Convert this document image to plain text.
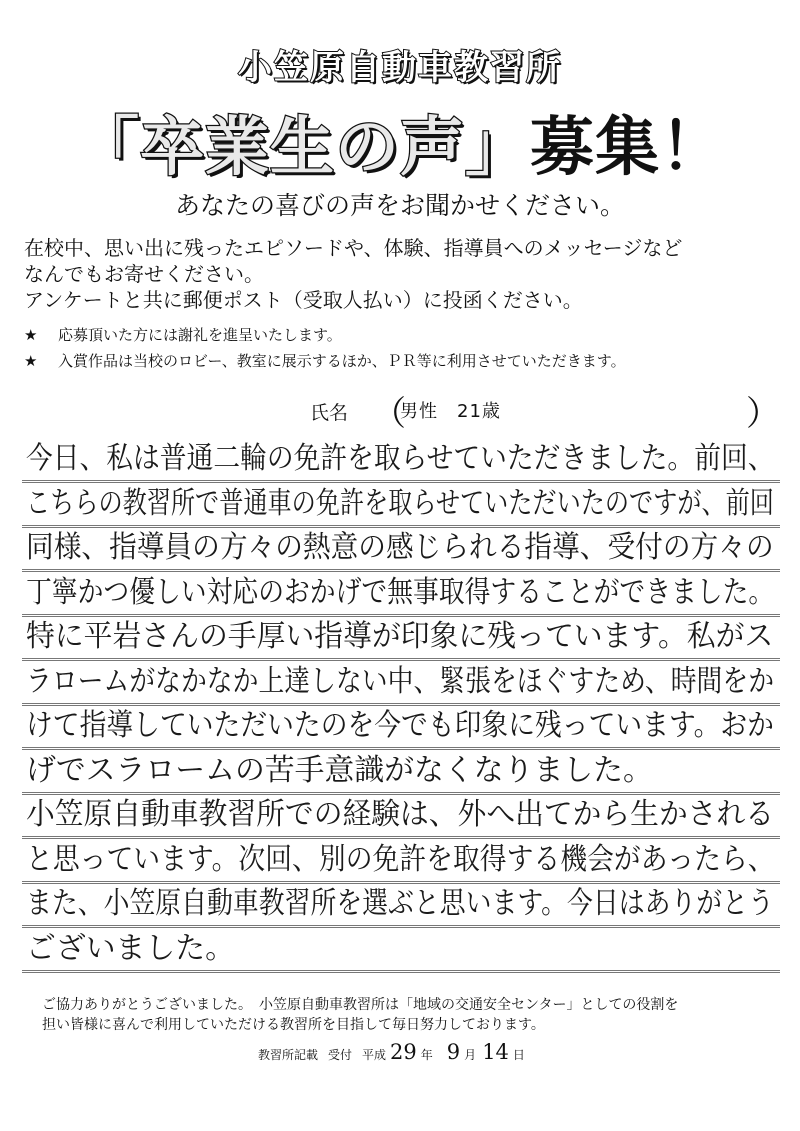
小笠原自動車教習所
「卒業生の声」募集！
あなたの喜びの声をお聞かせください。

在校中、思い出に残ったエピソードや、体験、指導員へのメッセージなど

なんでもお寄せください。

アンケートと共に郵便ポスト（受取人払い）に投函ください。

★	応募頂いた方には謝礼を進呈いたします。
★	入賞作品は当校のロビー、教室に展示するほか、ＰＲ等に利用させていただきます。
氏名 （
男性　21歳	）
今日、私は普通二輪の免許を取らせていただきました。前回、
こちらの教習所で普通車の免許を取らせていただいたのですが、前回
同様、指導員の方々の熱意の感じられる指導、受付の方々の
丁寧かつ優しい対応のおかげで無事取得することができました。
特に平岩さんの手厚い指導が印象に残っています。私がス
ラロームがなかなか上達しない中、緊張をほぐすため、時間をか
けて指導していただいたのを今でも印象に残っています。おか
げでスラロームの苦手意識がなくなりました。
小笠原自動車教習所での経験は、外へ出てから生かされる
と思っています。次回、別の免許を取得する機会があったら、
また、小笠原自動車教習所を選ぶと思います。今日はありがとう
ございました。

ご協力ありがとうございました。　小笠原自動車教習所は「地域の交通安全センター」としての役割を

担い皆様に喜んで利用していただける教習所を目指して毎日努力しております。

教習所記載 受付 平成 29 年 9 月 14 日
